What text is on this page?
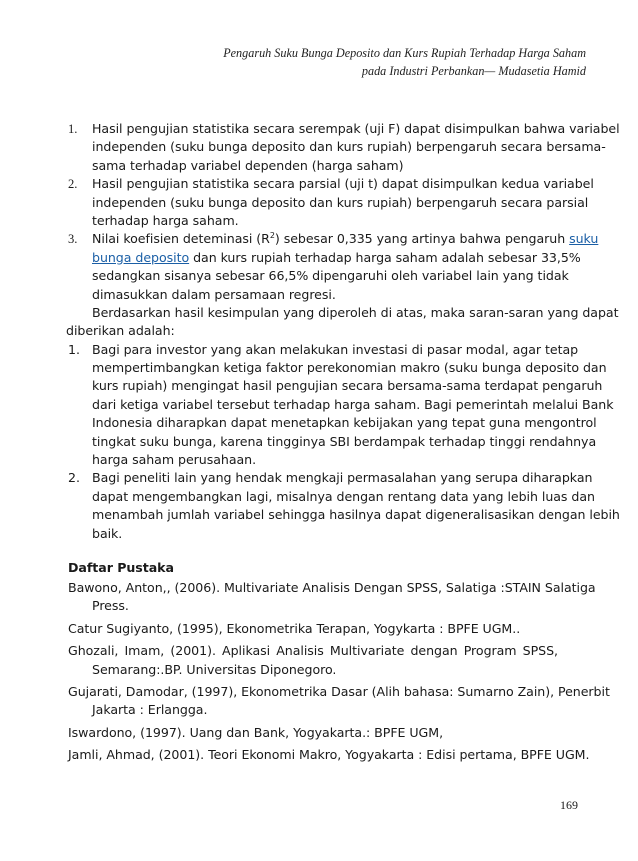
Pengaruh Suku Bunga Deposito dan Kurs Rupiah Terhadap Harga Saham
pada Industri Perbankan— Mudasetia Hamid
1.	Hasil pengujian statistika secara serempak (uji F) dapat disimpulkan bahwa variabel
independen (suku bunga deposito dan kurs rupiah) berpengaruh secara bersama-
sama terhadap variabel dependen (harga saham)
2.	Hasil pengujian statistika secara parsial (uji t) dapat disimpulkan kedua variabel
independen (suku bunga deposito dan kurs rupiah) berpengaruh secara parsial
terhadap harga saham.
3.	Nilai koefisien deteminasi $(R^2)$ sebesar 0,335 yang artinya bahwa pengaruh suku
bunga deposito dan kurs rupiah terhadap harga saham adalah sebesar 33,5%
sedangkan sisanya sebesar 66,5% dipengaruhi oleh variabel lain yang tidak
dimasukkan dalam persamaan regresi.
Berdasarkan hasil kesimpulan yang diperoleh di atas, maka saran-saran yang dapat
diberikan adalah:
1. Bagi para investor yang akan melakukan investasi di pasar modal, agar tetap
mempertimbangkan ketiga faktor perekonomian makro (suku bunga deposito dan
kurs rupiah) mengingat hasil pengujian secara bersama-sama terdapat pengaruh
dari ketiga variabel tersebut terhadap harga saham. Bagi pemerintah melalui Bank
Indonesia diharapkan dapat menetapkan kebijakan yang tepat guna mengontrol
tingkat suku bunga, karena tingginya SBI berdampak terhadap tinggi rendahnya
harga saham perusahaan.
2. Bagi peneliti lain yang hendak mengkaji permasalahan yang serupa diharapkan
dapat mengembangkan lagi, misalnya dengan rentang data yang lebih luas dan
menambah jumlah variabel sehingga hasilnya dapat digeneralisasikan dengan lebih
baik.
Daftar Pustaka
Bawono, Anton,, (2006). Multivariate Analisis Dengan SPSS, Salatiga :STAIN Salatiga
Press.
Catur Sugiyanto, (1995), Ekonometrika Terapan, Yogykarta : BPFE UGM..
Ghozali, Imam, (2001). Aplikasi Analisis Multivariate dengan Program SPSS,
Semarang:.BP. Universitas Diponegoro.
Gujarati, Damodar, (1997), Ekonometrika Dasar (Alih bahasa: Sumarno Zain), Penerbit
Jakarta : Erlangga.
Iswardono, (1997). Uang dan Bank, Yogyakarta.: BPFE UGM,
Jamli, Ahmad, (2001). Teori Ekonomi Makro, Yogyakarta : Edisi pertama, BPFE UGM.
169
